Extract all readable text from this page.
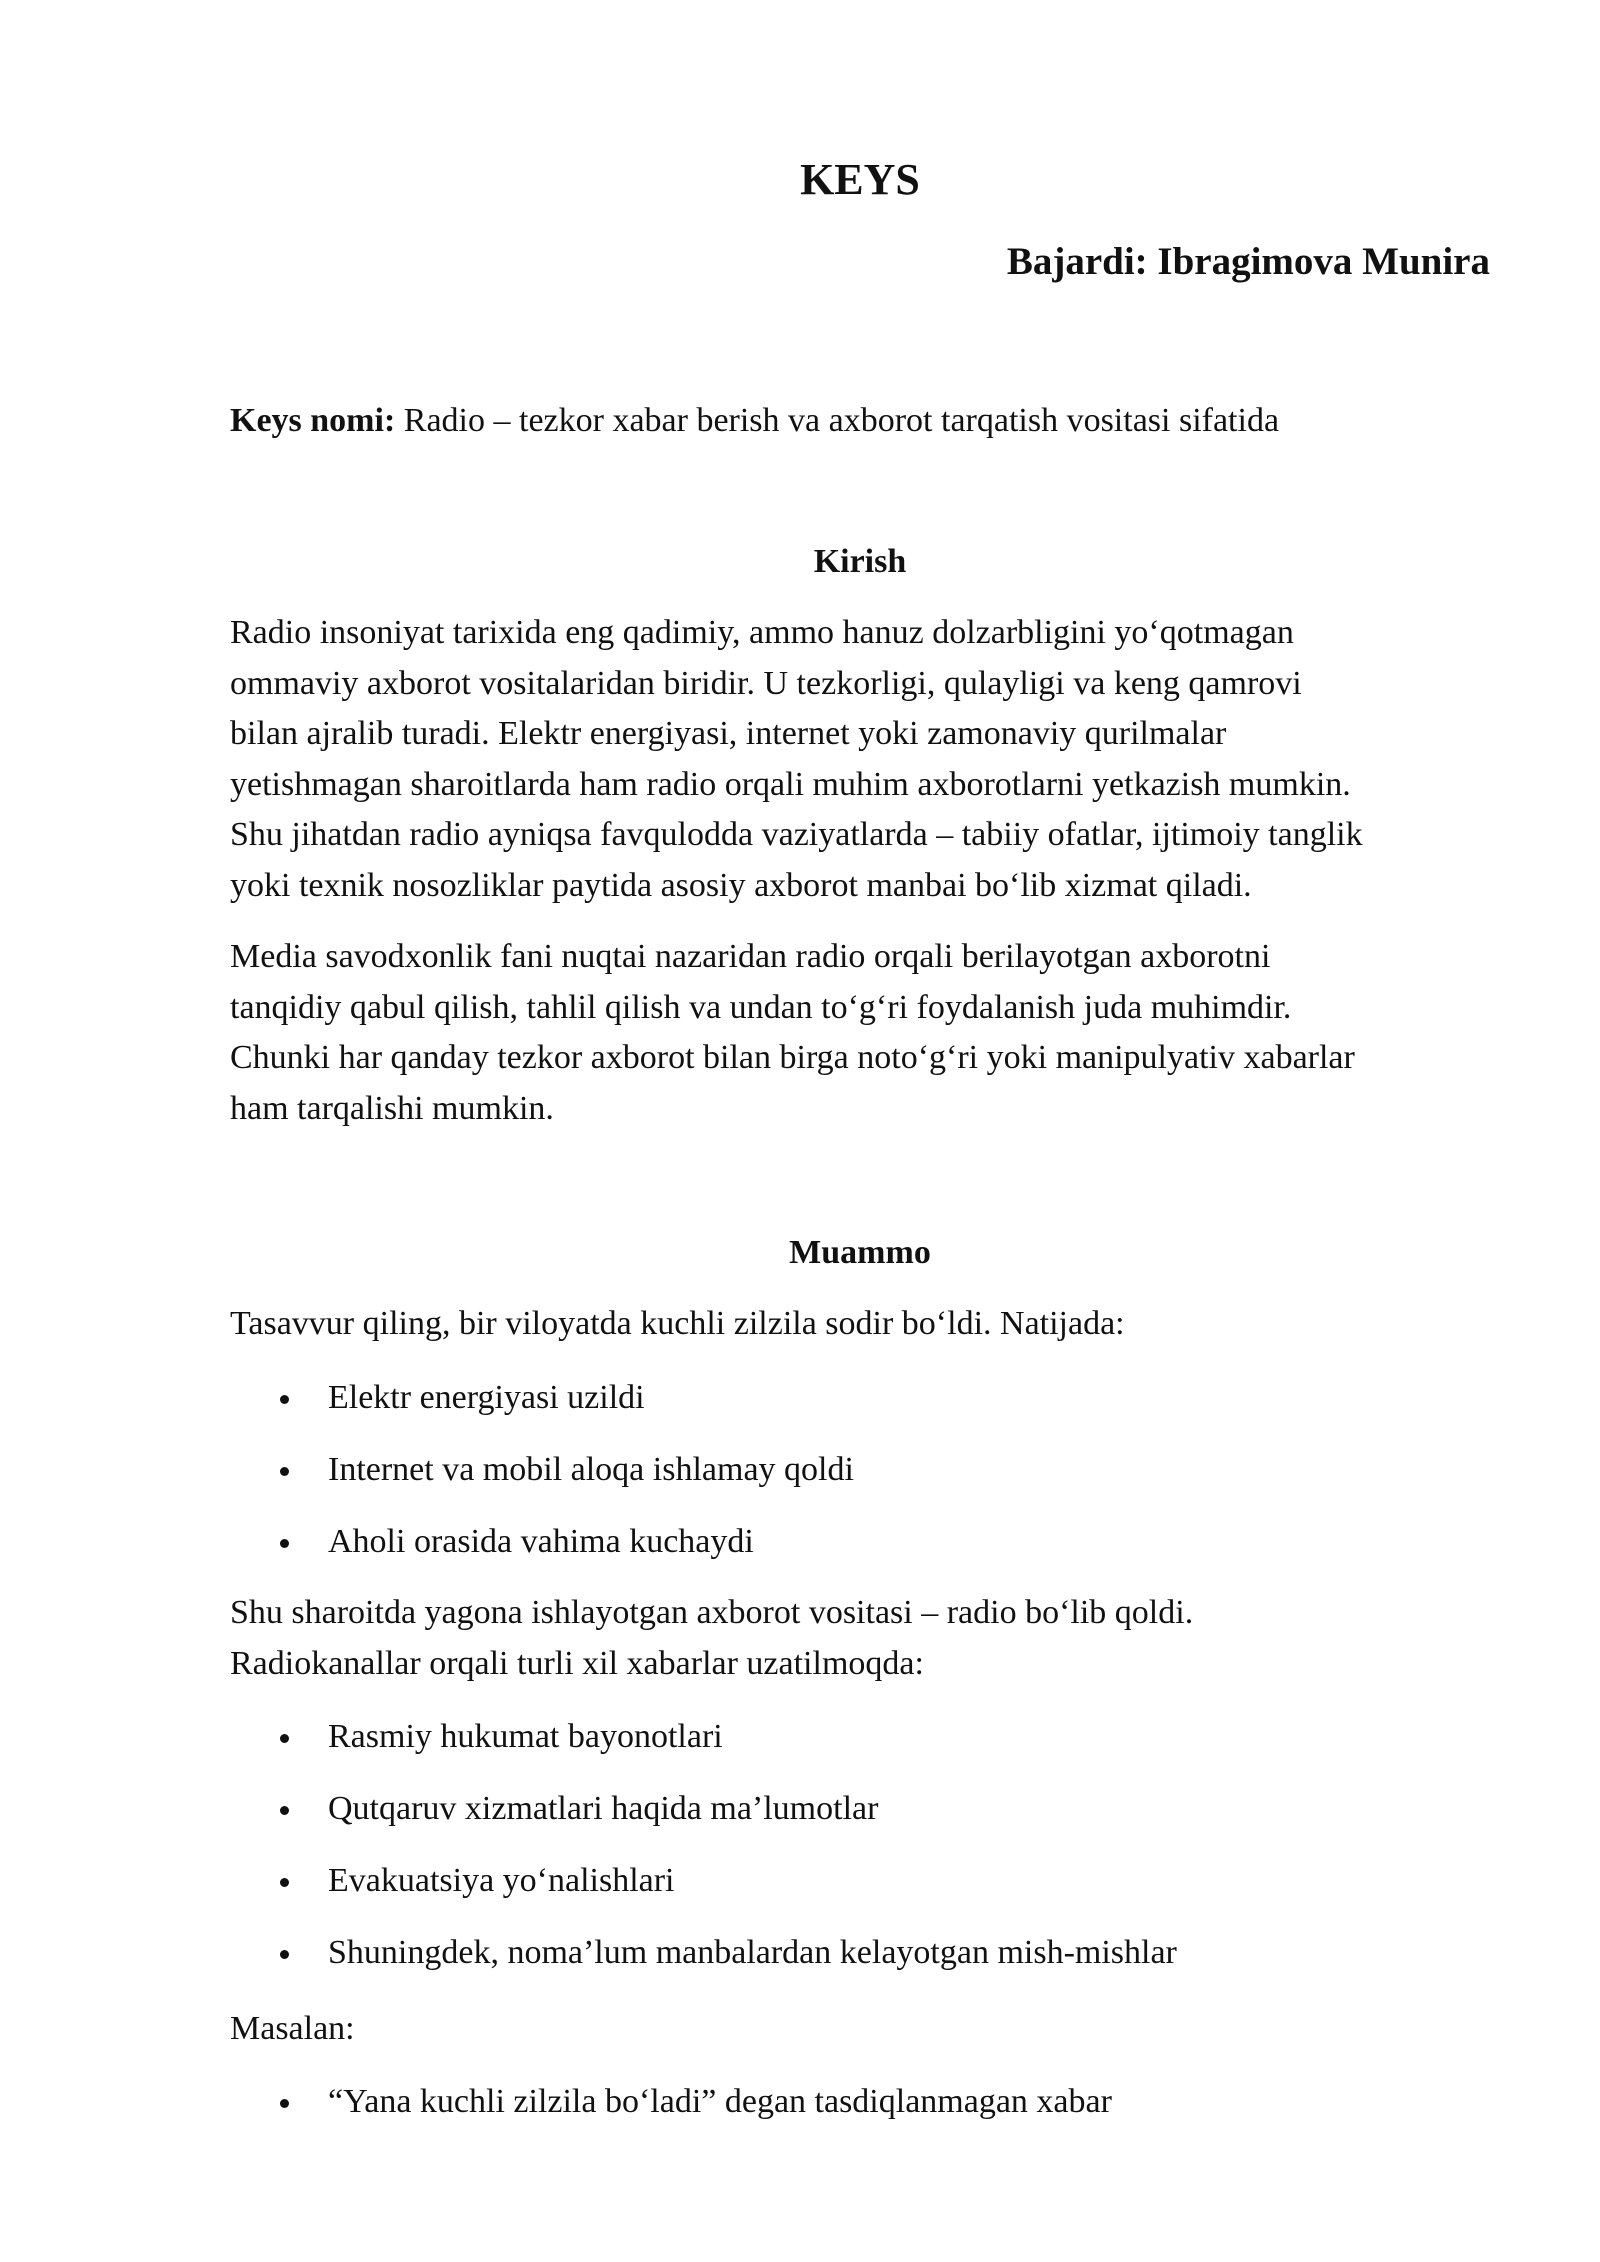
KEYS
Bajardi: Ibragimova Munira

Keys nomi: Radio – tezkor xabar berish va axborot tarqatish vositasi sifatida

Kirish

Radio insoniyat tarixida eng qadimiy, ammo hanuz dolzarbligini yo‘qotmagan
ommaviy axborot vositalaridan biridir. U tezkorligi, qulayligi va keng qamrovi
bilan ajralib turadi. Elektr energiyasi, internet yoki zamonaviy qurilmalar
yetishmagan sharoitlarda ham radio orqali muhim axborotlarni yetkazish mumkin.
Shu jihatdan radio ayniqsa favqulodda vaziyatlarda – tabiiy ofatlar, ijtimoiy tanglik
yoki texnik nosozliklar paytida asosiy axborot manbai bo‘lib xizmat qiladi.

Media savodxonlik fani nuqtai nazaridan radio orqali berilayotgan axborotni
tanqidiy qabul qilish, tahlil qilish va undan to‘g‘ri foydalanish juda muhimdir.
Chunki har qanday tezkor axborot bilan birga noto‘g‘ri yoki manipulyativ xabarlar
ham tarqalishi mumkin.

Muammo

Tasavvur qiling, bir viloyatda kuchli zilzila sodir bo‘ldi. Natijada:

Elektr energiyasi uzildi
Internet va mobil aloqa ishlamay qoldi
Aholi orasida vahima kuchaydi

Shu sharoitda yagona ishlayotgan axborot vositasi – radio bo‘lib qoldi.
Radiokanallar orqali turli xil xabarlar uzatilmoqda:

Rasmiy hukumat bayonotlari
Qutqaruv xizmatlari haqida ma’lumotlar
Evakuatsiya yo‘nalishlari
Shuningdek, noma’lum manbalardan kelayotgan mish-mishlar

Masalan:

“Yana kuchli zilzila bo‘ladi” degan tasdiqlanmagan xabar
